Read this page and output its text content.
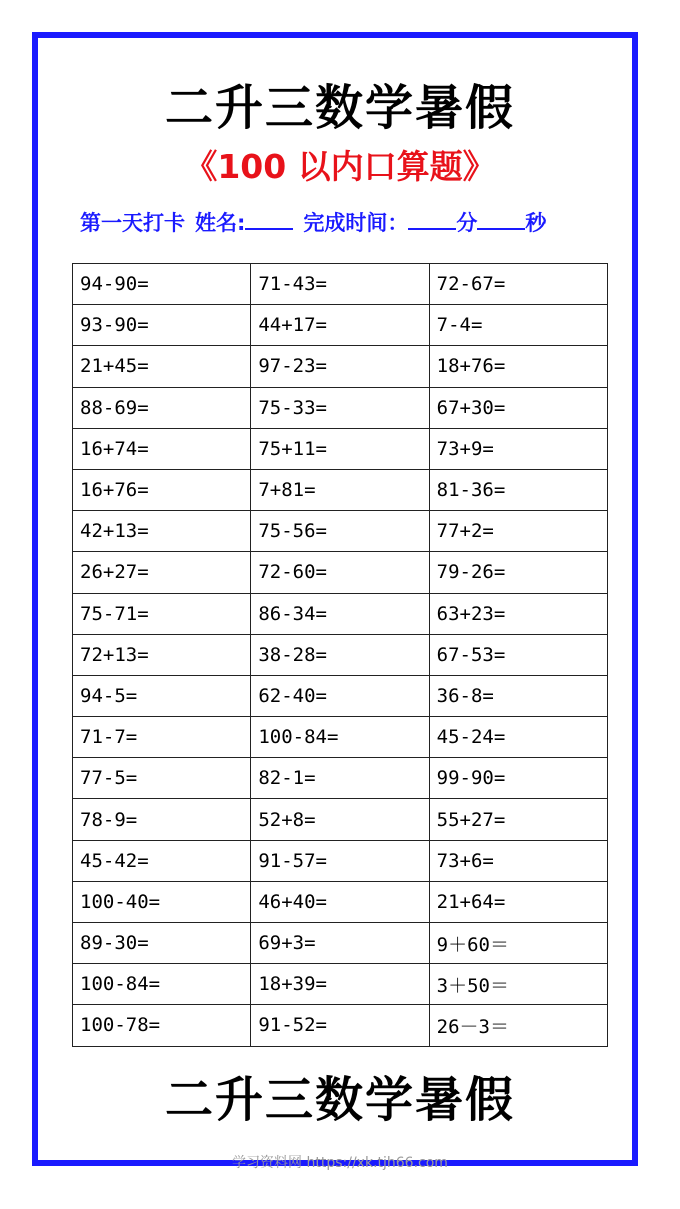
二升三数学暑假
《100 以内口算题》
第一天打卡 姓名:	完成时间： 分 秒
94-90=	71-43=	72-67=
93-90=	44+17=	7-4=
21+45=	97-23=	18+76=
88-69=	75-33=	67+30=
16+74=	75+11=	73+9=
16+76=	7+81=	81-36=
42+13=	75-56=	77+2=
26+27=	72-60=	79-26=
75-71=	86-34=	63+23=
72+13=	38-28=	67-53=
94-5=	62-40=	36-8=
71-7=	100-84=	45-24=
77-5=	82-1=	99-90=
78-9=	52+8=	55+27=
45-42=	91-57=	73+6=
100-40=	46+40=	21+64=
89-30=	69+3=	9＋60＝
100-84=	18+39=	3＋50＝
100-78=	91-52=	26－3＝
二升三数学暑假
学习资料网 https://xk.tjh66.com
